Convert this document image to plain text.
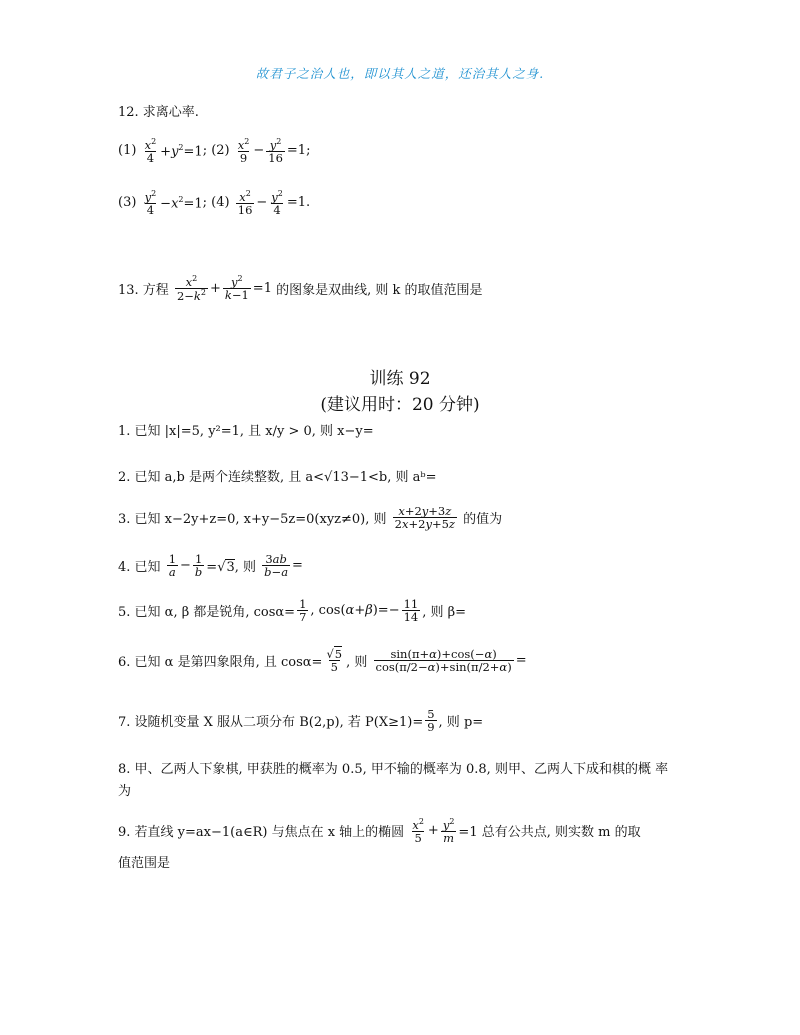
故君子之治人也，即以其人之道，还治其人之身.
12. 求离心率.
(1)
$\frac{x^2}{4} +y^2=1$ ; (2)
$\frac{x^2}{9} - \frac{y^2}{16} =1$;
(3)
$\frac{y^2}{4} -x^2=1$ ; (4)
$\frac{x^2}{16} - \frac{y^2}{4} =1$.
13. 方程
$\frac{x^2}{2-k^2} + \frac{y^2}{k-1} =1$ 的图象是双曲线, 则 k 的取值范围是
训练 92
(建议用时：20 分钟)
1. 已知 |x|=5, y²=1, 且 x/y > 0, 则 x−y=
2. 已知 a,b 是两个连续整数, 且 a<√13−1<b, 则 aᵇ=
3. 已知 x−2y+z=0, x+y−5z=0(xyz≠0), 则
$\frac{x+2y+3z}{2x+2y+5z}$
的值为
4. 已知
$\frac{1}{a} - \frac{1}{b} =√3$, 则 $\frac{3ab}{b-a}$ =
5. 已知 α, β 都是锐角, $\cos\alpha= \frac{1}{7}$ , $\cos(\alpha+\beta)=- \frac{11}{14}$ , 则 β=
6. 已知 α 是第四象限角, 且 $\cos\alpha= \frac{√5}{5}$ , 则 $\frac{\sin(\pi+\alpha)+\cos(-\alpha)}{\cos(\pi/2-\alpha)+\sin(\pi/2+\alpha)}$ =
7. 设随机变量 X 服从二项分布 B(2,p), 若 $P(X\ge 1)= \frac{5}{9}$ , 则 p=
8. 甲、乙两人下象棋, 甲获胜的概率为 0.5, 甲不输的概率为 0.8, 则甲、乙两人下成和棋的概 率
为
9. 若直线 y=ax−1(a∈R) 与焦点在 x 轴上的椭圆
$\frac{x^2}{5} + \frac{y^2}{m} =1$ 总有公共点, 则实数 m 的取
值范围是
